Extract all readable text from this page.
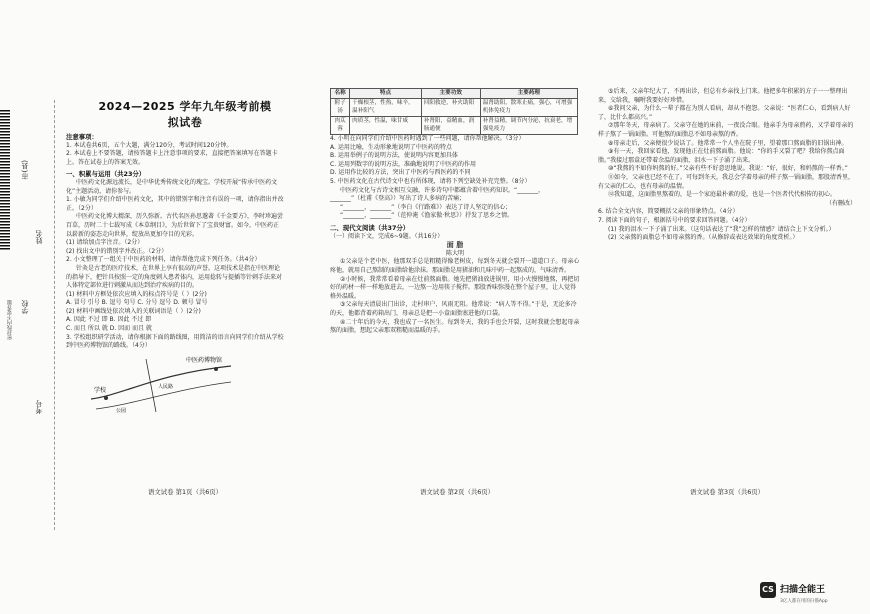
市(县)
学校
姓名
考号
密封线内不要答题
2024—2025 学年九年级考前模拟试卷
注意事项：

1. 本试卷共6页，五个大题，满分120分，考试时间120分钟。

2. 本试卷上不要答题，请按答题卡上注意事项的要求，直接把答案填写在答题卡上。答在试卷上的答案无效。

一、积累与运用（共23分）

中医药文化源远流长，是中华优秀传统文化的瑰宝。学校开展“传承中医药文化”主题活动，请你参与。

1. 小敏为同学们介绍中医药文化，其中的错别字和注音有误的一项，请你指出并改正。（2分）

中医药文化博大精深，历久弥新。古代名医孙思邈著《千金要方》，李时珍遍尝百草，历时二十七载写成《本草纲目》，为后世留下了宝贵财富。如今，中医药正以崭新的姿态走向世界，绽放出更加夺目的光彩。

(1) 请给加点字注音。（2分）

(2) 找出文中的错别字并改正。（2分）

2. 小文整理了一组关于中医药的材料，请你帮他完成下列任务。（共4分）

针灸是古老的医疗技术，在世界上享有很高的声誉。这项技术是指在中医理论的指导下，把针具按照一定的角度刺入患者体内，运用捻转与提插等针刺手法来对人体特定部位进行刺激从而达到治疗疾病的目的。

(1) 材料中方框处依次应填入的标点符号是（ ）(2分)

A. 冒号 引号 B. 逗号 句号 C. 分号 逗号 D. 顿号 冒号

(2) 材料中画线处依次填入的关联词语是（ ）(2分)

A. 因此 不过 即 B. 因此 不过 即

C. 而且 所以 就 D. 因而 而且 就

3. 学校组织研学活动，请你根据下面的路线图，用简洁的语言向同学们介绍从学校到中医药博物馆的路线。（4分）

学校
中医药博物馆
人民路
公园
语文试卷 第1页（共6页）
名称	特点	主要功效	主要药理
附子汤	干燥根茎，性热，味辛，温补阳气	回阳救逆，补火助阳	温肾助阳，散寒止痛，强心，可增强机体免疫力
肉苁蓉	肉质茎，性温，味甘咸	补肾阳，益精血，润肠通便	补肾益精，调节内分泌，抗衰老，增强免疫力

4. 小明在向同学们介绍中医药时遇到了一些问题，请你帮他解决。（3分）

A. 运用比喻，生动形象地说明了中医药的特点

B. 运用举例子的说明方法，使说明内容更加具体

C. 运用列数字的说明方法，准确地说明了中医药的作用

D. 运用作比较的方法，突出了中医药与西医药的不同

5. 中医药文化在古代诗文中也有所体现，请将下列空缺处补充完整。（8分）

中医药文化与古诗文相互交融，许多诗句中都蕴含着中医药知识。“_______，_______”（杜甫《登高》）写出了诗人多病的苦痛；

“_______，_______”（李白《行路难》）表达了诗人坚定的信心；

“_______，_______”（范仲淹《渔家傲·秋思》）抒发了思乡之情。

二、现代文阅读（共37分）

（一）阅读下文，完成6~9题。（共16分）

面 脂
陈大明

①父亲是个老中医，他那双手总是粗糙得像老树皮，每到冬天就会裂开一道道口子。母亲心疼他，就用自己熬制的面脂给他涂抹。那面脂是用猪油和几味中药一起熬成的，气味清香。

②小时候，我常常看着母亲在灶前熬面脂。她先把猪油放进锅里，用小火慢慢地熬，再把切好的药材一样一样地放进去，一边熬一边用筷子搅拌。那股香味弥漫在整个屋子里，让人觉得格外温暖。

③父亲每天清晨出门出诊，走村串户，风雨无阻。他常说：“病人等不得。”于是，无论多冷的天，他都背着药箱出门，母亲总是把一小盒面脂塞进他的口袋。

④二十年后的今天，我也成了一名医生。每到冬天，我的手也会开裂，这时我就会想起母亲熬的面脂，想起父亲那双粗糙而温暖的手。

语文试卷 第2页（共6页）

⑤后来，父亲年纪大了，不再出诊，但总有乡亲找上门来。他把多年积累的方子一一整理出来，交给我，嘱咐我要好好珍惜。

⑥我问父亲，为什么一辈子都在为别人看病，却从不抱怨。父亲说：“医者仁心，看到病人好了，比什么都高兴。”

⑦那年冬天，母亲病了。父亲守在她的床前，一夜没合眼。他亲手为母亲煎药，又学着母亲的样子熬了一锅面脂。可他熬的面脂总不如母亲熬的香。

⑧母亲走后，父亲便很少说话了。他常常一个人坐在院子里，望着那口熬面脂的旧锅出神。

⑨有一天，我回家看他，发现他正在灶前熬面脂。他说：“你的手又裂了吧？我给你熬点面脂。”我接过那盒还带着余温的面脂，泪水一下子涌了出来。

⑩“我熬的不如你妈熬的好。”父亲有些不好意思地说。我说：“好，很好，和妈熬的一样香。”

⑪如今，父亲也已经不在了。可每到冬天，我总会学着母亲的样子熬一锅面脂，那股清香里，有父亲的仁心，也有母亲的温情。

⑫我知道，这面脂里熬着的，是一个家庭最朴素的爱，也是一个医者代代相传的初心。

（有删改）

6. 结合全文内容，简要概括父亲的形象特点。（4分）

7. 阅读下面的句子，根据括号中的要求回答问题。（4分）

(1) 我的泪水一下子涌了出来。（这句话表达了“我”怎样的情感？请结合上下文分析。）

(2) 父亲熬的面脂总不如母亲熬的香。（从修辞或表达效果的角度赏析。）

语文试卷 第3页（共6页）
CS 扫描全能王
3亿人都在用的扫描App
